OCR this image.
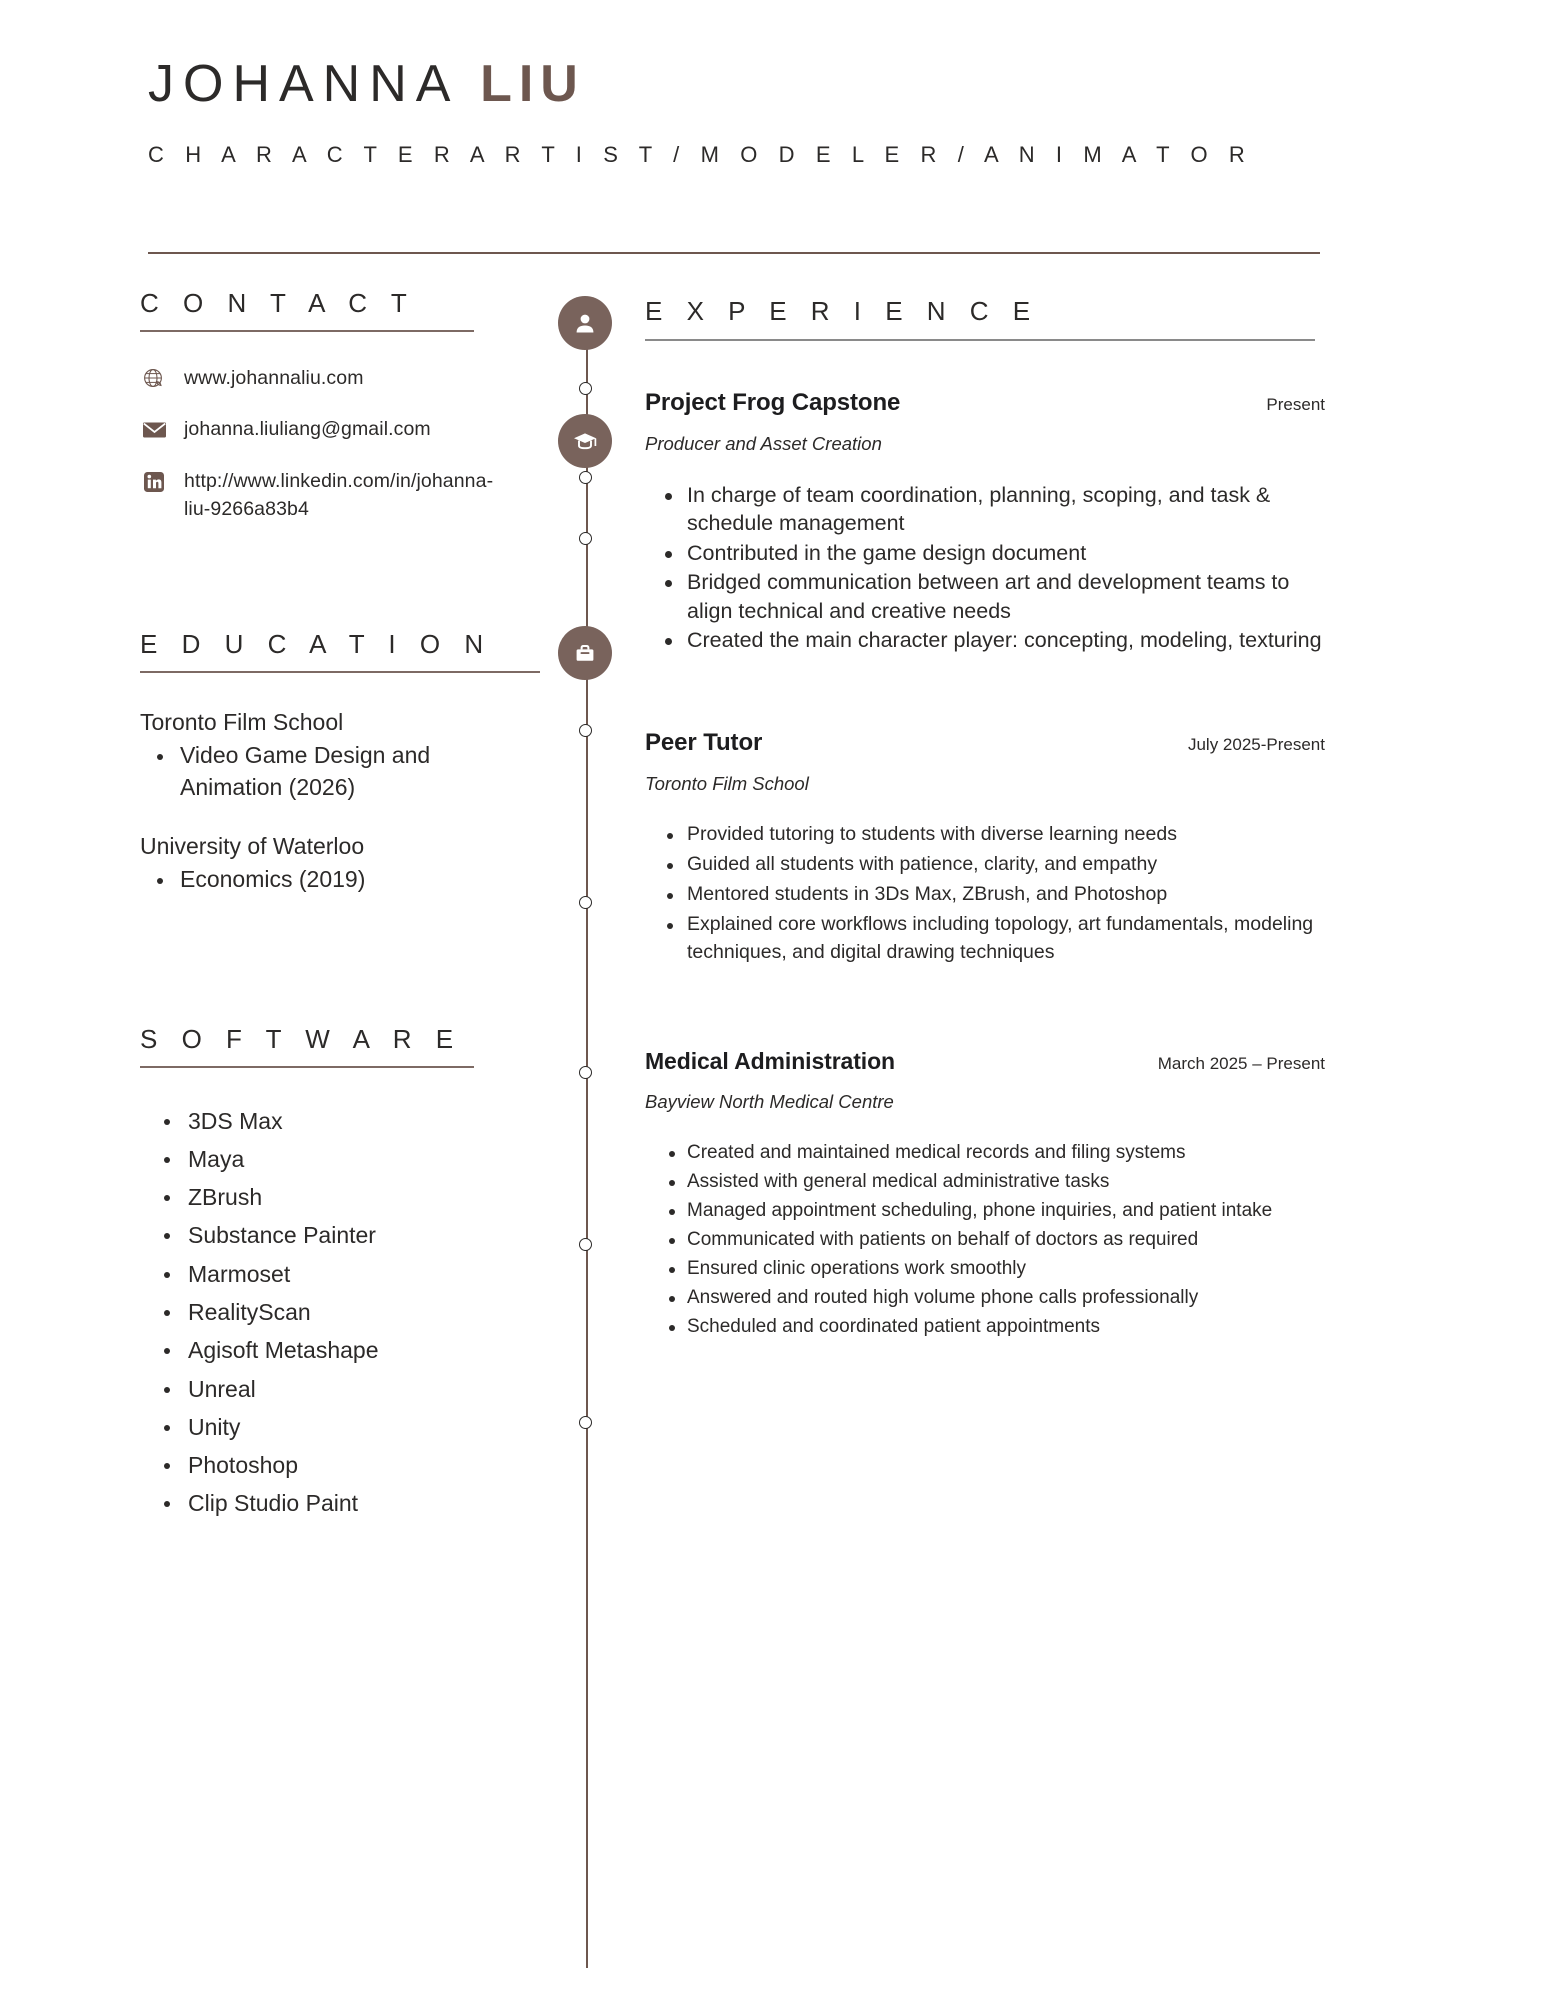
JOHANNA LIU
C H A R A C T E R A R T I S T / M O D E L E R / A N I M A T O R
C O N T A C T
www.johannaliu.com
johanna.liuliang@gmail.com
http://www.linkedin.com/in/johanna-liu-9266a83b4
E D U C A T I O N
Toronto Film School
Video Game Design and Animation (2026)
University of Waterloo
Economics (2019)
S O F T W A R E
3DS Max
Maya
ZBrush
Substance Painter
Marmoset
RealityScan
Agisoft Metashape
Unreal
Unity
Photoshop
Clip Studio Paint
E X P E R I E N C E
Project Frog Capstone	Present
Producer and Asset Creation
In charge of team coordination, planning, scoping, and task & schedule management
Contributed in the game design document
Bridged communication between art and development teams to align technical and creative needs
Created the main character player: concepting, modeling, texturing
Peer Tutor	July 2025-Present
Toronto Film School
Provided tutoring to students with diverse learning needs
Guided all students with patience, clarity, and empathy
Mentored students in 3Ds Max, ZBrush, and Photoshop
Explained core workflows including topology, art fundamentals, modeling techniques, and digital drawing techniques
Medical Administration	March 2025 – Present
Bayview North Medical Centre
Created and maintained medical records and filing systems
Assisted with general medical administrative tasks
Managed appointment scheduling, phone inquiries, and patient intake
Communicated with patients on behalf of doctors as required
Ensured clinic operations work smoothly
Answered and routed high volume phone calls professionally
Scheduled and coordinated patient appointments
